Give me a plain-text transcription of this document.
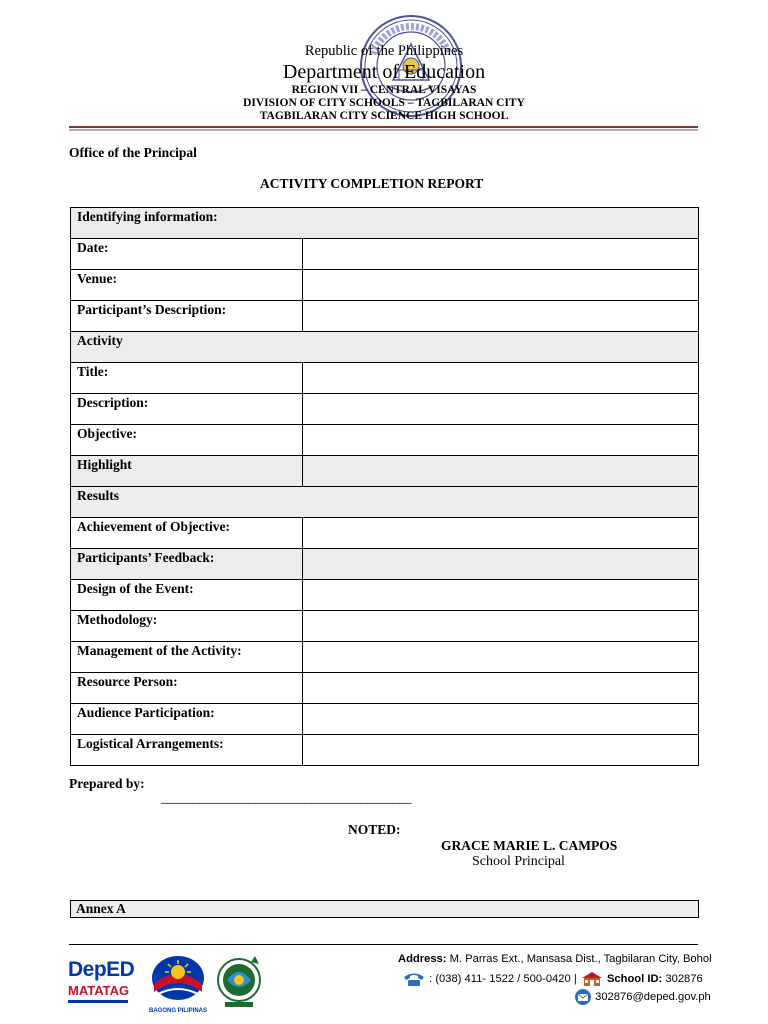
Republic of the Philippines
Department of Education
REGION VII – CENTRAL VISAYAS
DIVISION OF CITY SCHOOLS – TAGBILARAN CITY
TAGBILARAN CITY SCIENCE HIGH SCHOOL
Office of the Principal
ACTIVITY COMPLETION REPORT
Identifying information:	

Date:	

Venue:	

Participant’s Description:	

Activity	

Title:	

Description:	

Objective:	

Highlight	

Results	

Achievement of Objective:	

Participants’ Feedback:	

Design of the Event:	

Methodology:	

Management of the Activity:	

Resource Person:	

Audience Participation:	

Logistical Arrangements:	

Prepared by:
________________________________________
NOTED:
GRACE MARIE L. CAMPOS
School Principal
Annex A
DepED
MATATAG
BAGONG PILIPINAS
Address: M. Parras Ext., Mansasa Dist., Tagbilaran City, Bohol
: (038) 411- 1522 / 500-0420 |	School ID: 302876
302876@deped.gov.ph
